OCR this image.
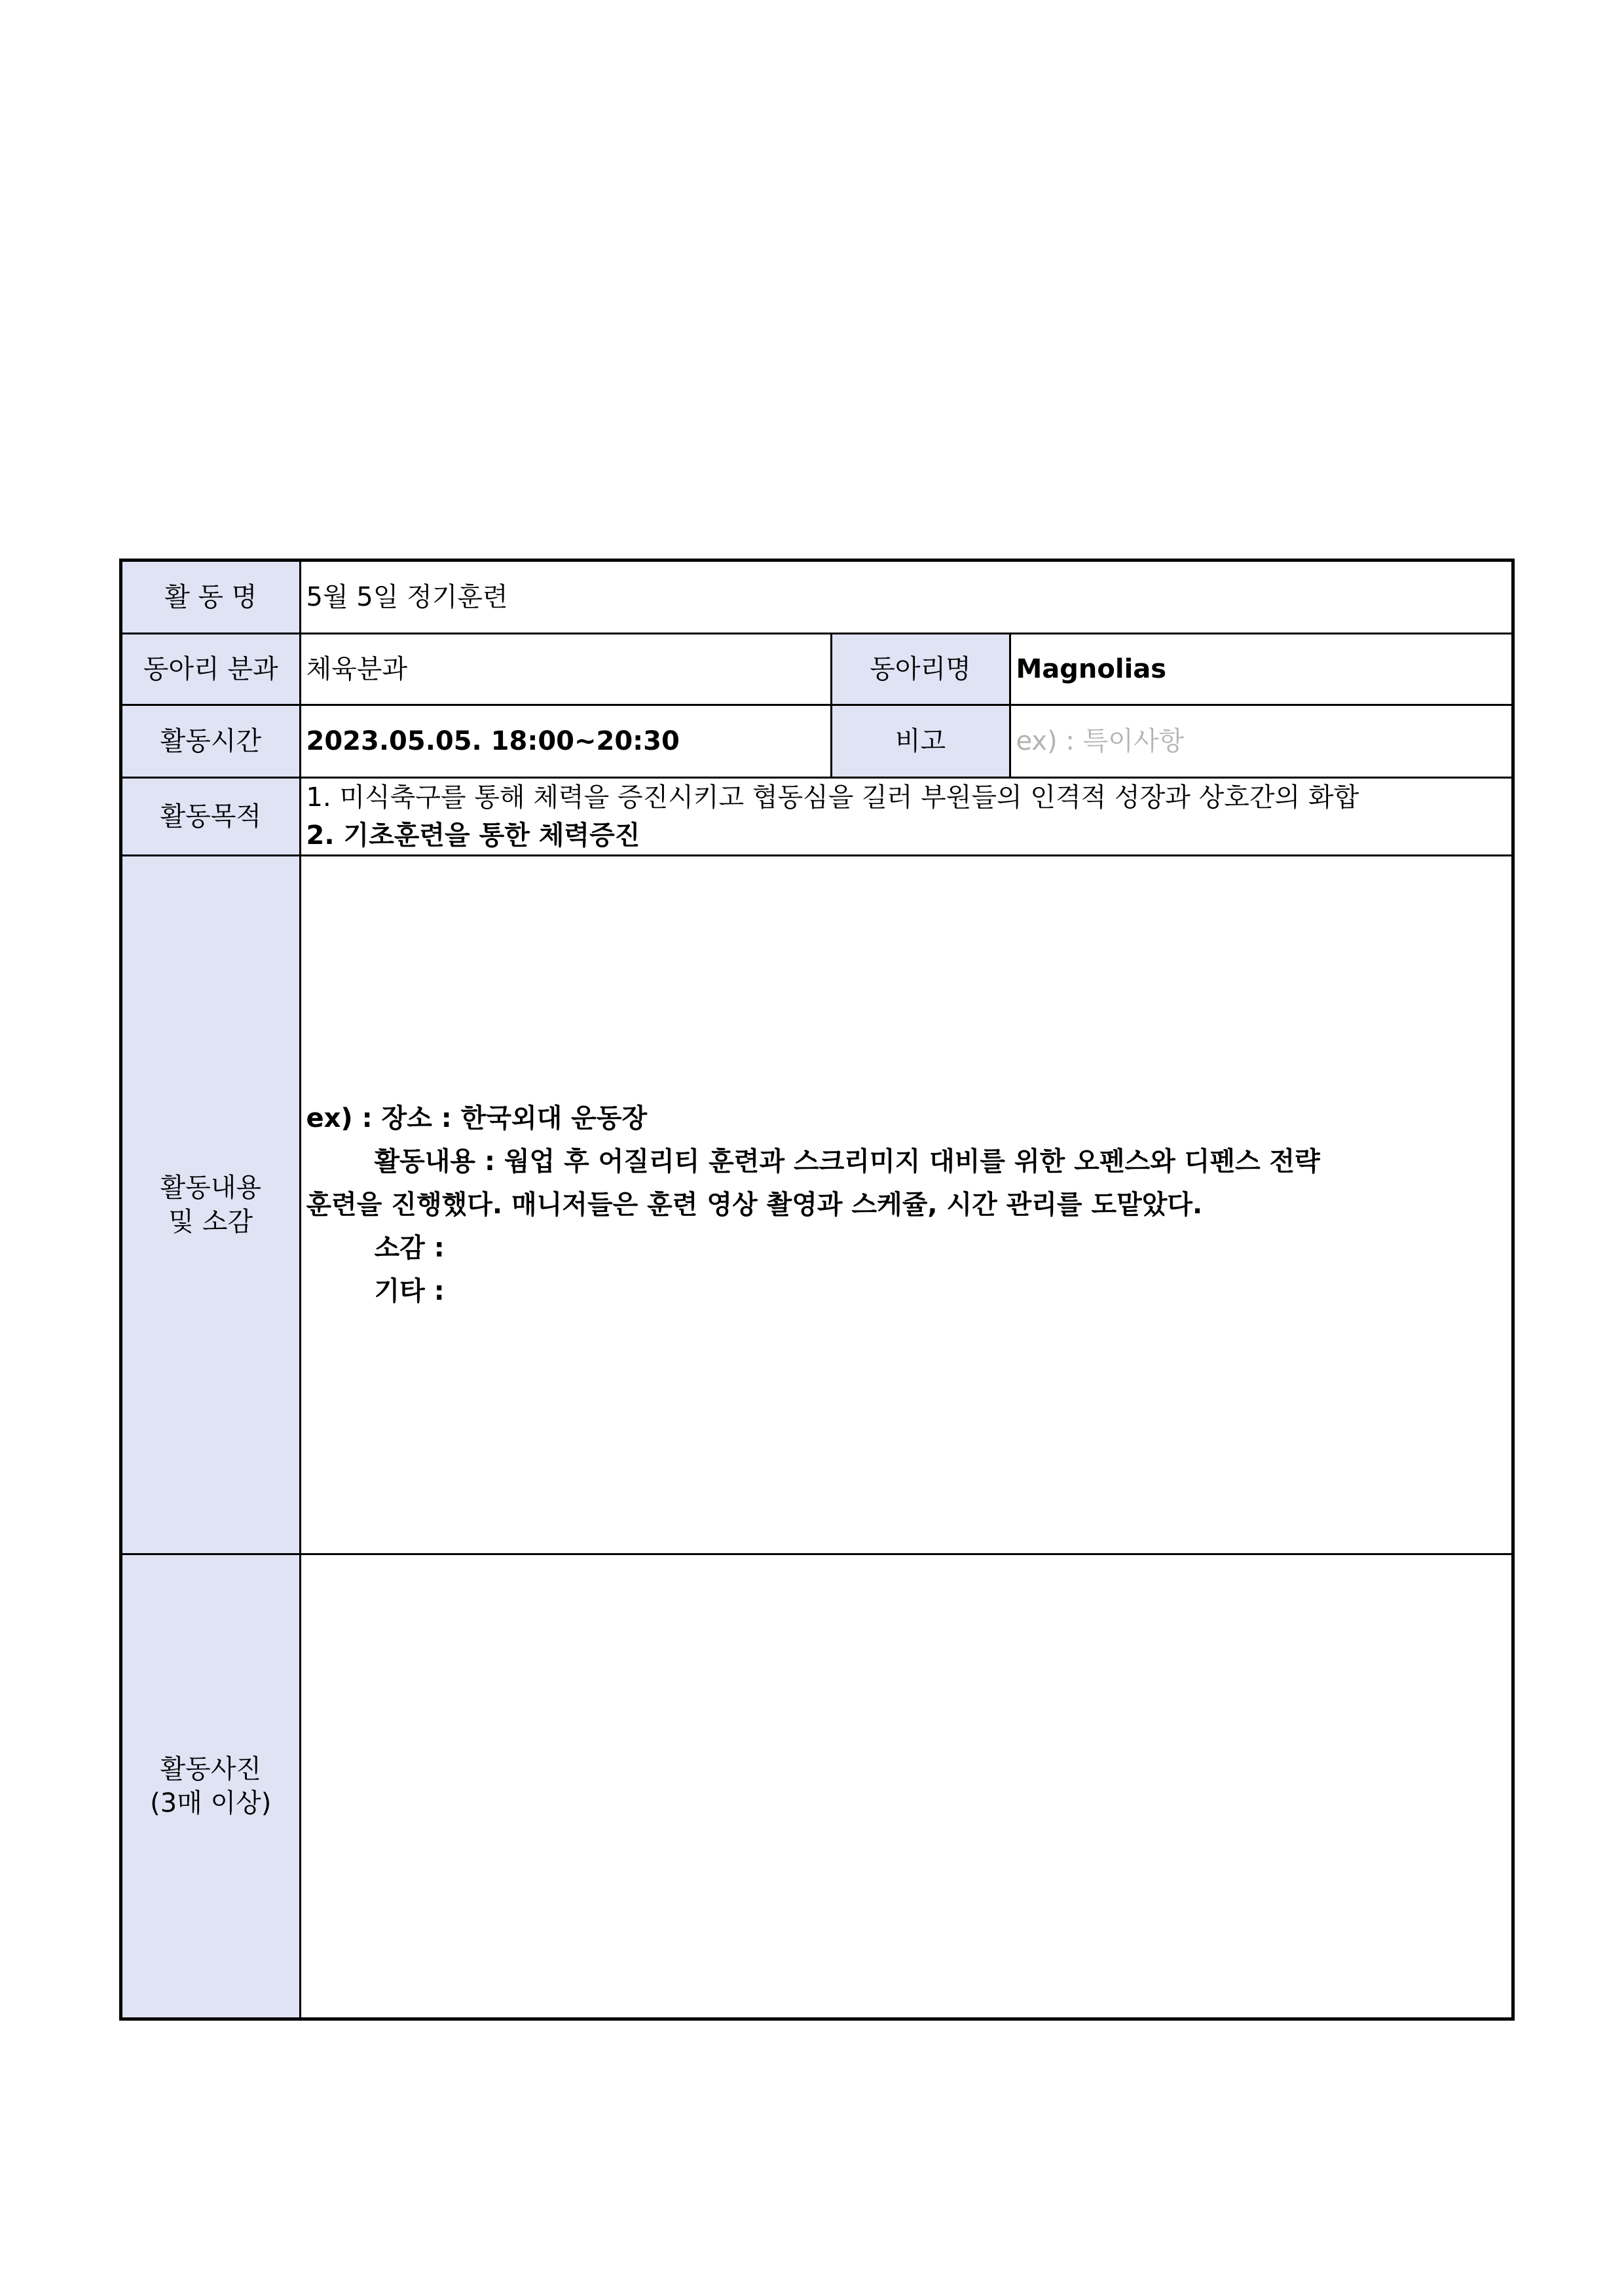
활 동 명	5월 5일 정기훈련		
동아리 분과	체육분과	동아리명	Magnolias
활동시간	2023.05.05. 18:00~20:30	비고	ex) : 특이사항
활동목적	1. 미식축구를 통해 체력을 증진시키고 협동심을 길러 부원들의 인격적 성장과 상호간의 화합
2. 기초훈련을 통한 체력증진		

활동내용
및 소감	ex) : 장소 : 한국외대 운동장
활동내용 : 웜업 후 어질리티 훈련과 스크리미지 대비를 위한 오펜스와 디펜스 전략
훈련을 진행했다. 매니저들은 훈련 영상 촬영과 스케쥴, 시간 관리를 도맡았다.
소감 :
기타 :		

활동사진
(3매 이상)			
